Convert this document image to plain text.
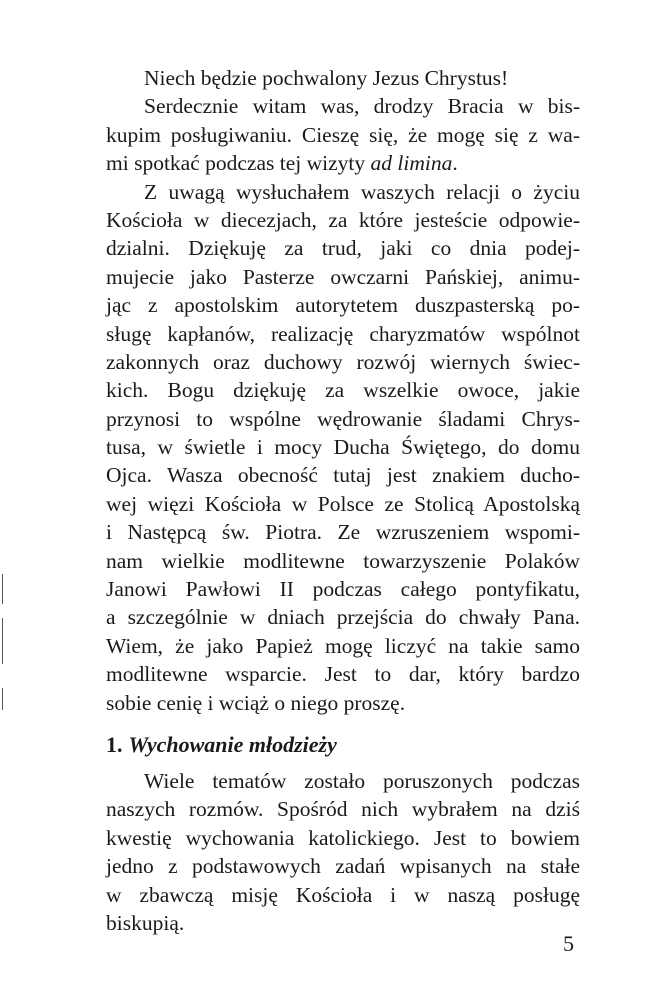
Niech będzie pochwalony Jezus Chrystus!
Serdecznie witam was, drodzy Bracia w bis-
kupim posługiwaniu. Cieszę się, że mogę się z wa-
mi spotkać podczas tej wizyty ad limina.
Z uwagą wysłuchałem waszych relacji o życiu
Kościoła w diecezjach, za które jesteście odpowie-
dzialni. Dziękuję za trud, jaki co dnia podej-
mujecie jako Pasterze owczarni Pańskiej, animu-
jąc z apostolskim autorytetem duszpasterską po-
sługę kapłanów, realizację charyzmatów wspólnot
zakonnych oraz duchowy rozwój wiernych świec-
kich. Bogu dziękuję za wszelkie owoce, jakie
przynosi to wspólne wędrowanie śladami Chrys-
tusa, w świetle i mocy Ducha Świętego, do domu
Ojca. Wasza obecność tutaj jest znakiem ducho-
wej więzi Kościoła w Polsce ze Stolicą Apostolską
i Następcą św. Piotra. Ze wzruszeniem wspomi-
nam wielkie modlitewne towarzyszenie Polaków
Janowi Pawłowi II podczas całego pontyfikatu,
a szczególnie w dniach przejścia do chwały Pana.
Wiem, że jako Papież mogę liczyć na takie samo
modlitewne wsparcie. Jest to dar, który bardzo
sobie cenię i wciąż o niego proszę.
1. Wychowanie młodzieży
Wiele tematów zostało poruszonych podczas
naszych rozmów. Spośród nich wybrałem na dziś
kwestię wychowania katolickiego. Jest to bowiem
jedno z podstawowych zadań wpisanych na stałe
w zbawczą misję Kościoła i w naszą posługę
biskupią.
5
